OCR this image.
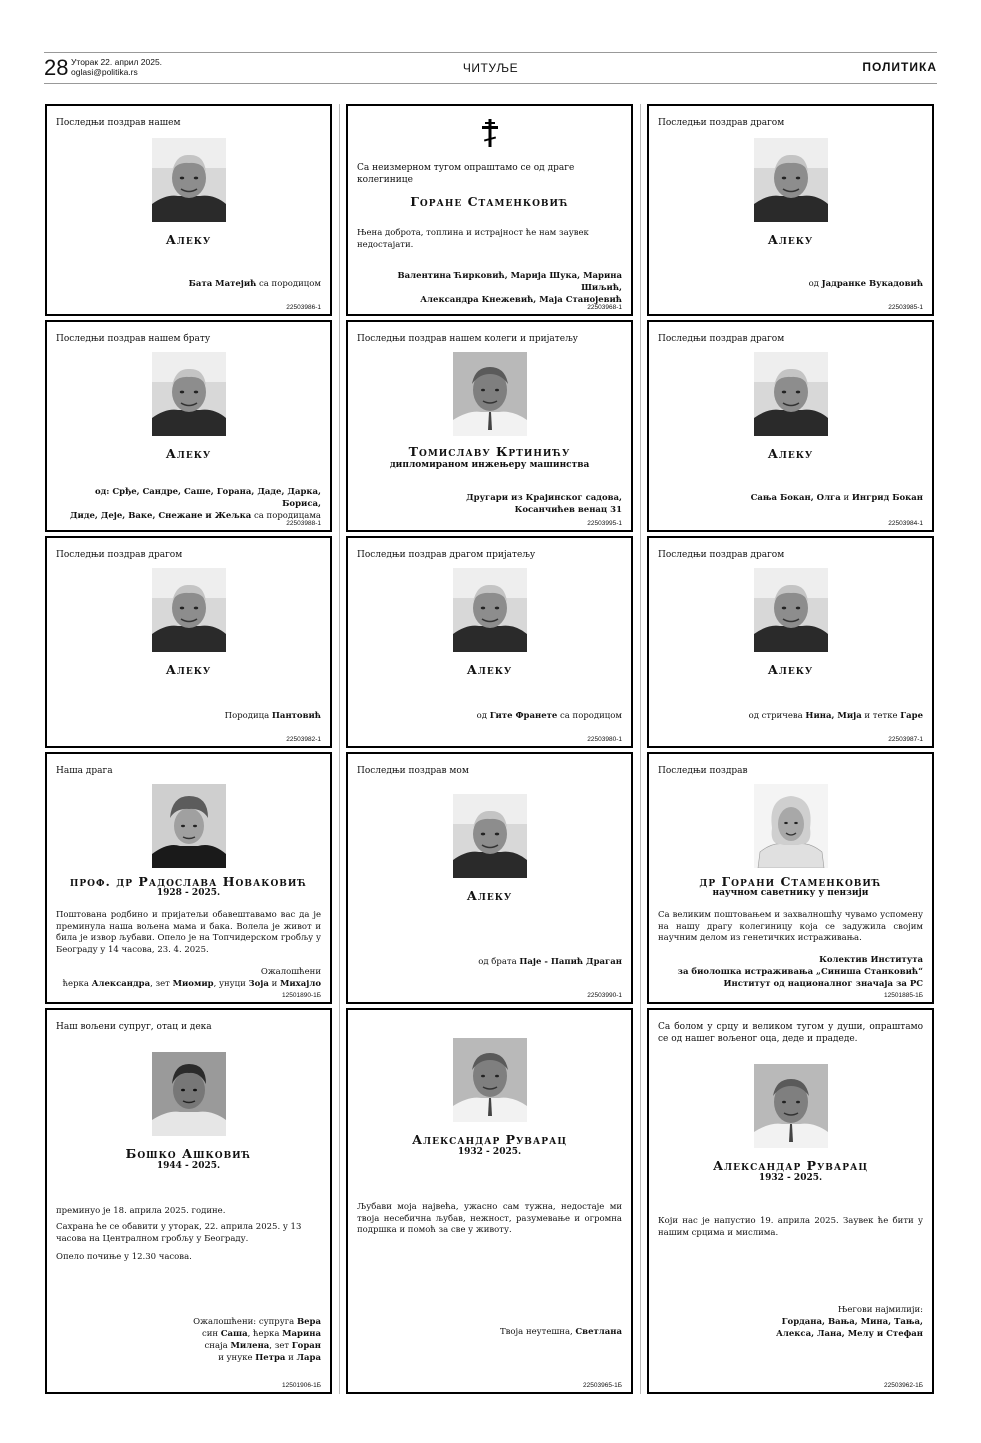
28 Уторак 22. април 2025.
oglasi@politika.rs	ЧИТУЉЕ	ПОЛИТИКА
Последњи поздрав нашем
Алеку
Бата Матејић са породицом
22503986-1
Са неизмерном тугом опраштамо се од драге колегинице
Горане Стаменковић
Њена доброта, топлина и истрајност ће нам заувек недостајати.
Валентина Ћирковић, Марија Шука, Марина Шиљић,
Александра Кнежевић, Маја Станојевић
22503968-1
Последњи поздрав драгом
Алеку
од Јадранке Вукадовић
22503985-1
Последњи поздрав нашем брату
Алеку
од: Срђе, Сандре, Саше, Горана, Даде, Дарка, Бориса,
Диде, Деје, Ваке, Снежане и Жељка са породицама
22503988-1
Последњи поздрав нашем колеги и пријатељу
Томиславу Кртинићу
дипломираном инжењеру машинства
Другари из Крајинског садова,
Косанчићев венац 31
22503995-1
Последњи поздрав драгом
Алеку
Сања Бокан, Олга и Ингрид Бокан
22503984-1
Последњи поздрав драгом
Алеку
Породица Пантовић
22503982-1
Последњи поздрав драгом пријатељу
Алеку
од Гите Франете са породицом
22503980-1
Последњи поздрав драгом
Алеку
од стричева Нина, Мија и тетке Гаре
22503987-1
Наша драга
проф. др Радослава Новаковић
1928 - 2025.
Поштована родбино и пријатељи обавештавамо вас да је преминула наша вољена мама и бака. Волела је живот и била је извор љубави. Опело је на Топчидерском гробљу у Београду у 14 часова, 23. 4. 2025.
Ожалошћени
ћерка Александра, зет Миомир, унуци Зоја и Михајло
12501890-1Б
Последњи поздрав мом
Алеку
од брата Паје - Папић Драган
22503990-1
Последњи поздрав
др Горани Стаменковић
научном саветнику у пензији
Са великим поштовањем и захвалношћу чувамо успомену на нашу драгу колегиницу која се задужила својим научним делом из генетичких истраживања.
Колектив Института
за биолошка истраживања „Синиша Станковић“
Институт од националног значаја за РС
12501885-1Б
Наш вољени супруг, отац и дека
Бошко Ашковић
1944 - 2025.
преминуо је 18. априла 2025. године.
Сахрана ће се обавити у уторак, 22. априла 2025. у 13 часова на Централном гробљу у Београду.
Опело почиње у 12.30 часова.
Ожалошћени: супруга Вера
син Саша, ћерка Марина
снаја Милена, зет Горан
и унуке Петра и Лара
12501906-1Б
Александар Руварац
1932 - 2025.
Љубави моја највећа, ужасно сам тужна, недостаје ми твоја несебична љубав, нежност, разумевање и огромна подршка и помоћ за све у животу.
Твоја неутешна, Светлана
22503965-1Б
Са болом у срцу и великом тугом у души, опраштамо се од нашег вољеног оца, деде и прадеде.
Александар Руварац
1932 - 2025.
Који нас је напустио 19. априла 2025. Заувек ће бити у нашим срцима и мислима.
Његови најмилији:
Гордана, Вања, Мина, Тања,
Алекса, Лана, Мелу и Стефан
22503962-1Б
